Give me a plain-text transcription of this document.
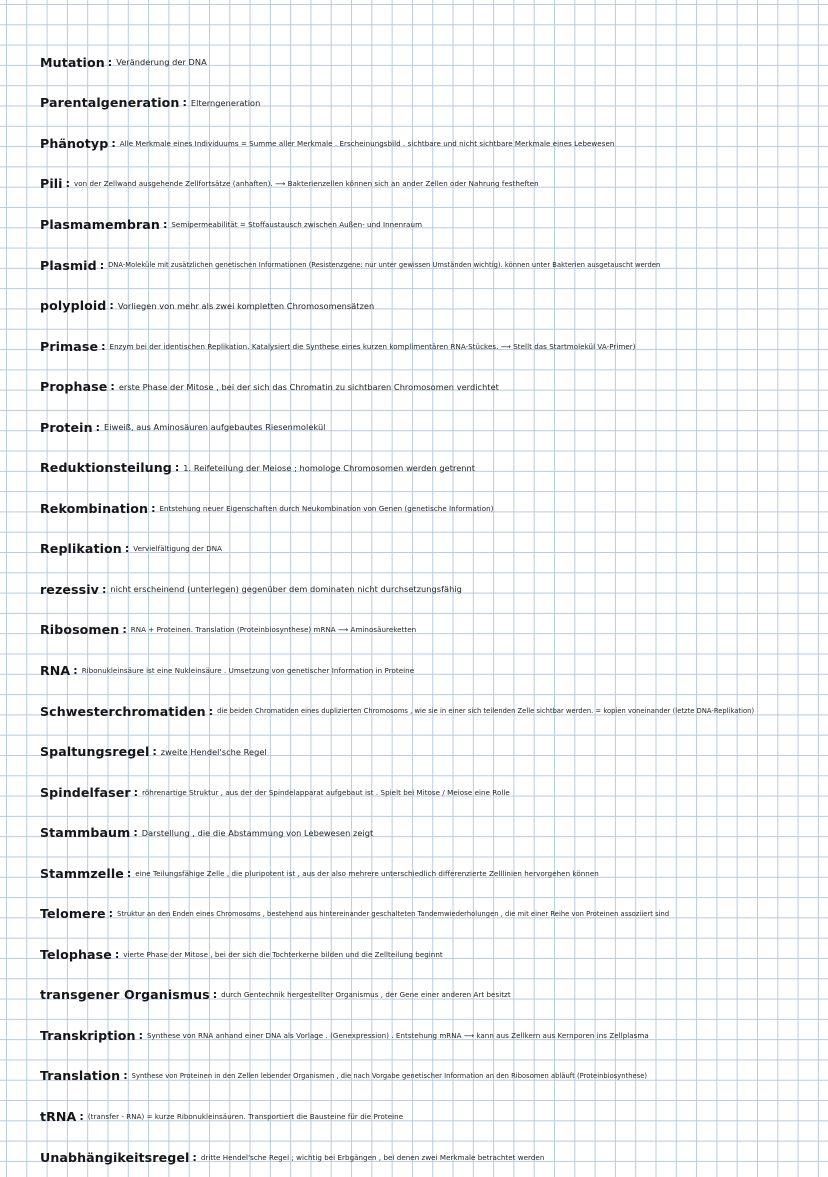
Mutation : Veränderung der DNA
Parentalgeneration : Elterngeneration
Phänotyp : Alle Merkmale eines Individuums = Summe aller Merkmale . Erscheinungsbild . sichtbare und nicht sichtbare Merkmale eines Lebewesen
Pili : von der Zellwand ausgehende Zellfortsätze (anhaften). ⟶ Bakterienzellen können sich an ander Zellen oder Nahrung festheften
Plasmamembran : Semipermeabilität = Stoffaustausch zwischen Außen- und Innenraum
Plasmid : DNA-Moleküle mit zusätzlichen genetischen Informationen (Resistenzgene: nur unter gewissen Umständen wichtig). können unter Bakterien ausgetauscht werden
polyploid : Vorliegen von mehr als zwei kompletten Chromosomensätzen
Primase : Enzym bei der identischen Replikation. Katalysiert die Synthese eines kurzen komplimentären RNA-Stückes. ⟶ Stellt das Startmolekül VA-Primer)
Prophase : erste Phase der Mitose , bei der sich das Chromatin zu sichtbaren Chromosomen verdichtet
Protein : Eiweiß, aus Aminosäuren aufgebautes Riesenmolekül
Reduktionsteilung : 1. Reifeteilung der Meiose ; homologe Chromosomen werden getrennt
Rekombination : Entstehung neuer Eigenschaften durch Neukombination von Genen (genetische Information)
Replikation : Vervielfältigung der DNA
rezessiv : nicht erscheinend (unterlegen) gegenüber dem dominaten nicht durchsetzungsfähig
Ribosomen : RNA + Proteinen. Translation (Proteinbiosynthese) mRNA ⟶ Aminosäureketten
RNA : Ribonukleinsäure ist eine Nukleinsäure . Umsetzung von genetischer Information in Proteine
Schwesterchromatiden : die beiden Chromatiden eines duplizierten Chromosoms , wie sie in einer sich teilenden Zelle sichtbar werden. = kopien voneinander (letzte DNA-Replikation)
Spaltungsregel : zweite Hendel'sche Regel
Spindelfaser : röhrenartige Struktur , aus der der Spindelapparat aufgebaut ist . Spielt bei Mitose / Meiose eine Rolle
Stammbaum : Darstellung , die die Abstammung von Lebewesen zeigt
Stammzelle : eine Teilungsfähige Zelle , die pluripotent ist , aus der also mehrere unterschiedlich differenzierte Zelllinien hervorgehen können
Telomere : Struktur an den Enden eines Chromosoms , bestehend aus hintereinander geschalteten Tandemwiederholungen , die mit einer Reihe von Proteinen assoziiert sind
Telophase : vierte Phase der Mitose , bei der sich die Tochterkerne bilden und die Zellteilung beginnt
transgener Organismus : durch Gentechnik hergestellter Organismus , der Gene einer anderen Art besitzt
Transkription : Synthese von RNA anhand einer DNA als Vorlage . (Genexpression) . Entstehung mRNA ⟶ kann aus Zellkern aus Kernporen ins Zellplasma
Translation : Synthese von Proteinen in den Zellen lebender Organismen , die nach Vorgabe genetischer Information an den Ribosomen abläuft (Proteinbiosynthese)
tRNA : (transfer - RNA) = kurze Ribonukleinsäuren. Transportiert die Bausteine für die Proteine
Unabhängikeitsregel : dritte Hendel'sche Regel ; wichtig bei Erbgängen , bei denen zwei Merkmale betrachtet werden
